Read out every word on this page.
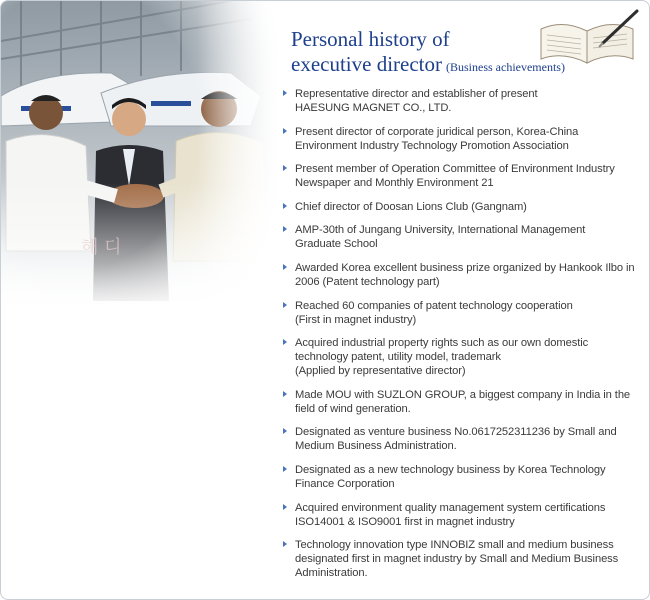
Personal history of
executive director (Business achievements)
Representative director and establisher of present
HAESUNG MAGNET CO., LTD.
Present director of corporate juridical person, Korea-China
Environment Industry Technology Promotion Association
Present member of Operation Committee of Environment Industry
Newspaper and Monthly Environment 21
Chief director of Doosan Lions Club (Gangnam)
AMP-30th of Jungang University, International Management
Graduate School
Awarded Korea excellent business prize organized by Hankook Ilbo in
2006 (Patent technology part)
Reached 60 companies of patent technology cooperation
(First in magnet industry)
Acquired industrial property rights such as our own domestic
technology patent, utility model, trademark
(Applied by representative director)
Made MOU with SUZLON GROUP, a biggest company in India in the
field of wind generation.
Designated as venture business No.0617252311236 by Small and
Medium Business Administration.
Designated as a new technology business by Korea Technology
Finance Corporation
Acquired environment quality management system certifications
ISO14001 & ISO9001 first in magnet industry
Technology innovation type INNOBIZ small and medium business
designated first in magnet industry by Small and Medium Business
Administration.
